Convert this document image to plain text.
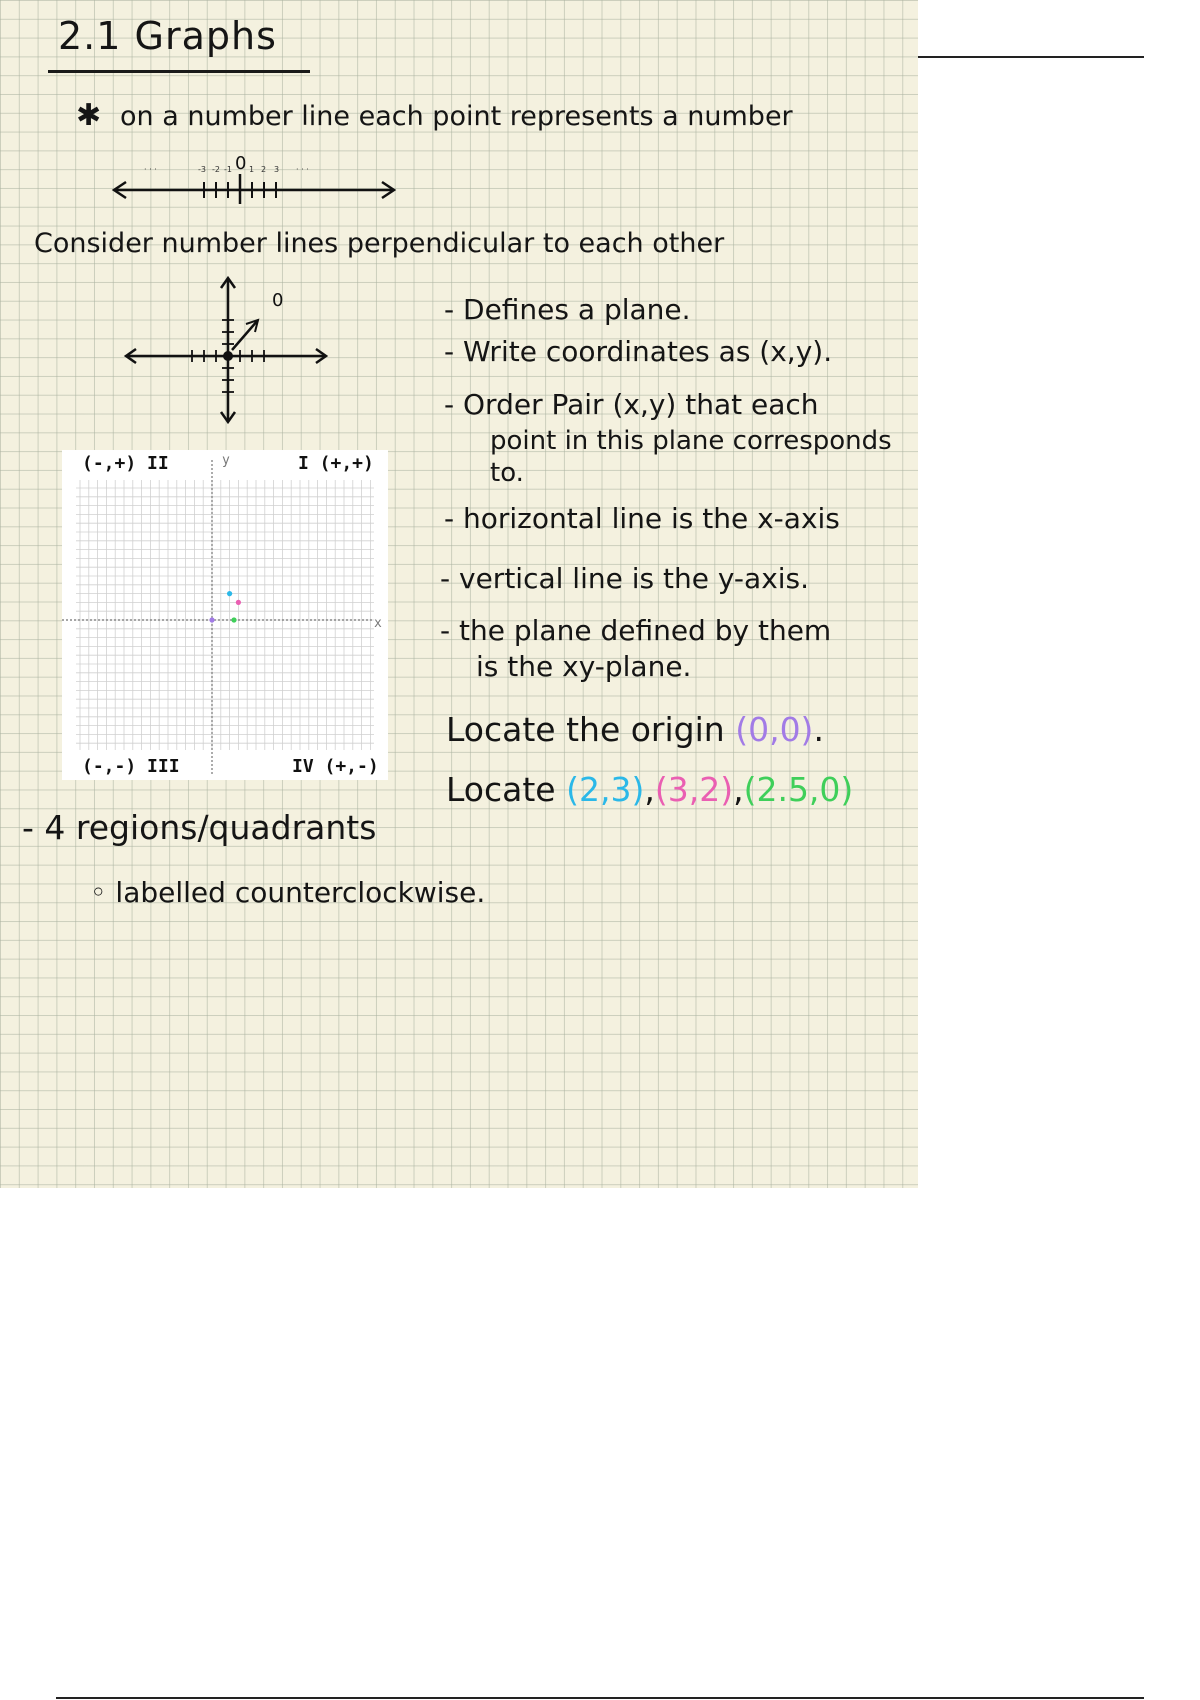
2.1 Graphs
✱ on a number line each point represents a number
0
· · ·	-3 -2 -1 1 2 3 · · ·
Consider number lines perpendicular to each other
0	- Defines a plane.
- Write coordinates as (x,y).
- Order Pair (x,y) that each
point in this plane corresponds
to.
- horizontal line is the x-axis
- vertical line is the y-axis.
- the plane defined by them
is the xy-plane.
Locate the origin (0,0).
Locate (2,3),(3,2),(2.5,0)
(-,+) II	I (+,+)
(-,-) III	IV (+,-)
y
x
- 4 regions/quadrants
◦ labelled counterclockwise.
